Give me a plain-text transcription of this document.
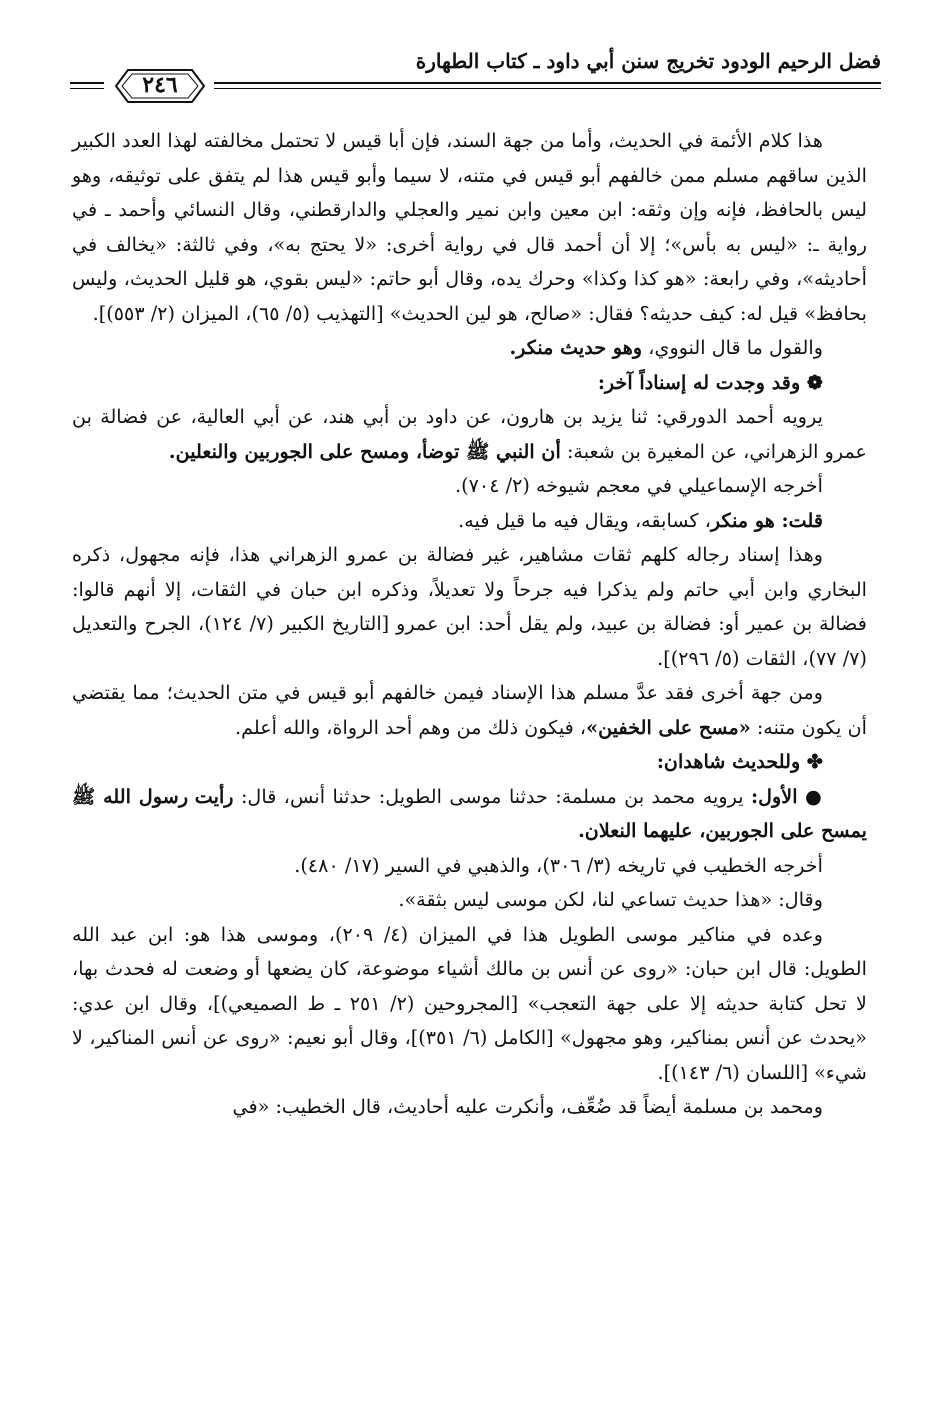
فضل الرحيم الودود تخريج سنن أبي داود ـ كتاب الطهارة
٢٤٦

هذا كلام الأئمة في الحديث، وأما من جهة السند، فإن أبا قيس لا تحتمل مخالفته لهذا العدد الكبير الذين ساقهم مسلم ممن خالفهم أبو قيس في متنه، لا سيما وأبو قيس هذا لم يتفق على توثيقه، وهو ليس بالحافظ، فإنه وإن وثقه: ابن معين وابن نمير والعجلي والدارقطني، وقال النسائي وأحمد ـ في رواية ـ: «ليس به بأس»؛ إلا أن أحمد قال في رواية أخرى: «لا يحتج به»، وفي ثالثة: «يخالف في أحاديثه»، وفي رابعة: «هو كذا وكذا» وحرك يده، وقال أبو حاتم: «ليس بقوي، هو قليل الحديث، وليس بحافظ» قيل له: كيف حديثه؟ فقال: «صالح، هو لين الحديث» [التهذيب (٥/ ٦٥)، الميزان (٢/ ٥٥٣)].

والقول ما قال النووي، وهو حديث منكر.

❁ وقد وجدت له إسناداً آخر:

يرويه أحمد الدورقي: ثنا يزيد بن هارون، عن داود بن أبي هند، عن أبي العالية، عن فضالة بن عمرو الزهراني، عن المغيرة بن شعبة: أن النبي ﷺ توضأ، ومسح على الجوربين والنعلين.

أخرجه الإسماعيلي في معجم شيوخه (٢/ ٧٠٤).

قلت: هو منكر، كسابقه، ويقال فيه ما قيل فيه.

وهذا إسناد رجاله كلهم ثقات مشاهير، غير فضالة بن عمرو الزهراني هذا، فإنه مجهول، ذكره البخاري وابن أبي حاتم ولم يذكرا فيه جرحاً ولا تعديلاً، وذكره ابن حبان في الثقات، إلا أنهم قالوا: فضالة بن عمير أو: فضالة بن عبيد، ولم يقل أحد: ابن عمرو [التاريخ الكبير (٧/ ١٢٤)، الجرح والتعديل (٧/ ٧٧)، الثقات (٥/ ٢٩٦)].

ومن جهة أخرى فقد عدَّ مسلم هذا الإسناد فيمن خالفهم أبو قيس في متن الحديث؛ مما يقتضي أن يكون متنه: «مسح على الخفين»، فيكون ذلك من وهم أحد الرواة، والله أعلم.

✤ وللحديث شاهدان:

● الأول: يرويه محمد بن مسلمة: حدثنا موسى الطويل: حدثنا أنس، قال: رأيت رسول الله ﷺ يمسح على الجوربين، عليهما النعلان.

أخرجه الخطيب في تاريخه (٣/ ٣٠٦)، والذهبي في السير (١٧/ ٤٨٠).

وقال: «هذا حديث تساعي لنا، لكن موسى ليس بثقة».

وعده في مناكير موسى الطويل هذا في الميزان (٤/ ٢٠٩)، وموسى هذا هو: ابن عبد الله الطويل: قال ابن حبان: «روى عن أنس بن مالك أشياء موضوعة، كان يضعها أو وضعت له فحدث بها، لا تحل كتابة حديثه إلا على جهة التعجب» [المجروحين (٢/ ٢٥١ ـ ط الصميعي)]، وقال ابن عدي: «يحدث عن أنس بمناكير، وهو مجهول» [الكامل (٦/ ٣٥١)]، وقال أبو نعيم: «روى عن أنس المناكير، لا شيء» [اللسان (٦/ ١٤٣)].

ومحمد بن مسلمة أيضاً قد ضُعِّف، وأنكرت عليه أحاديث، قال الخطيب: «في
